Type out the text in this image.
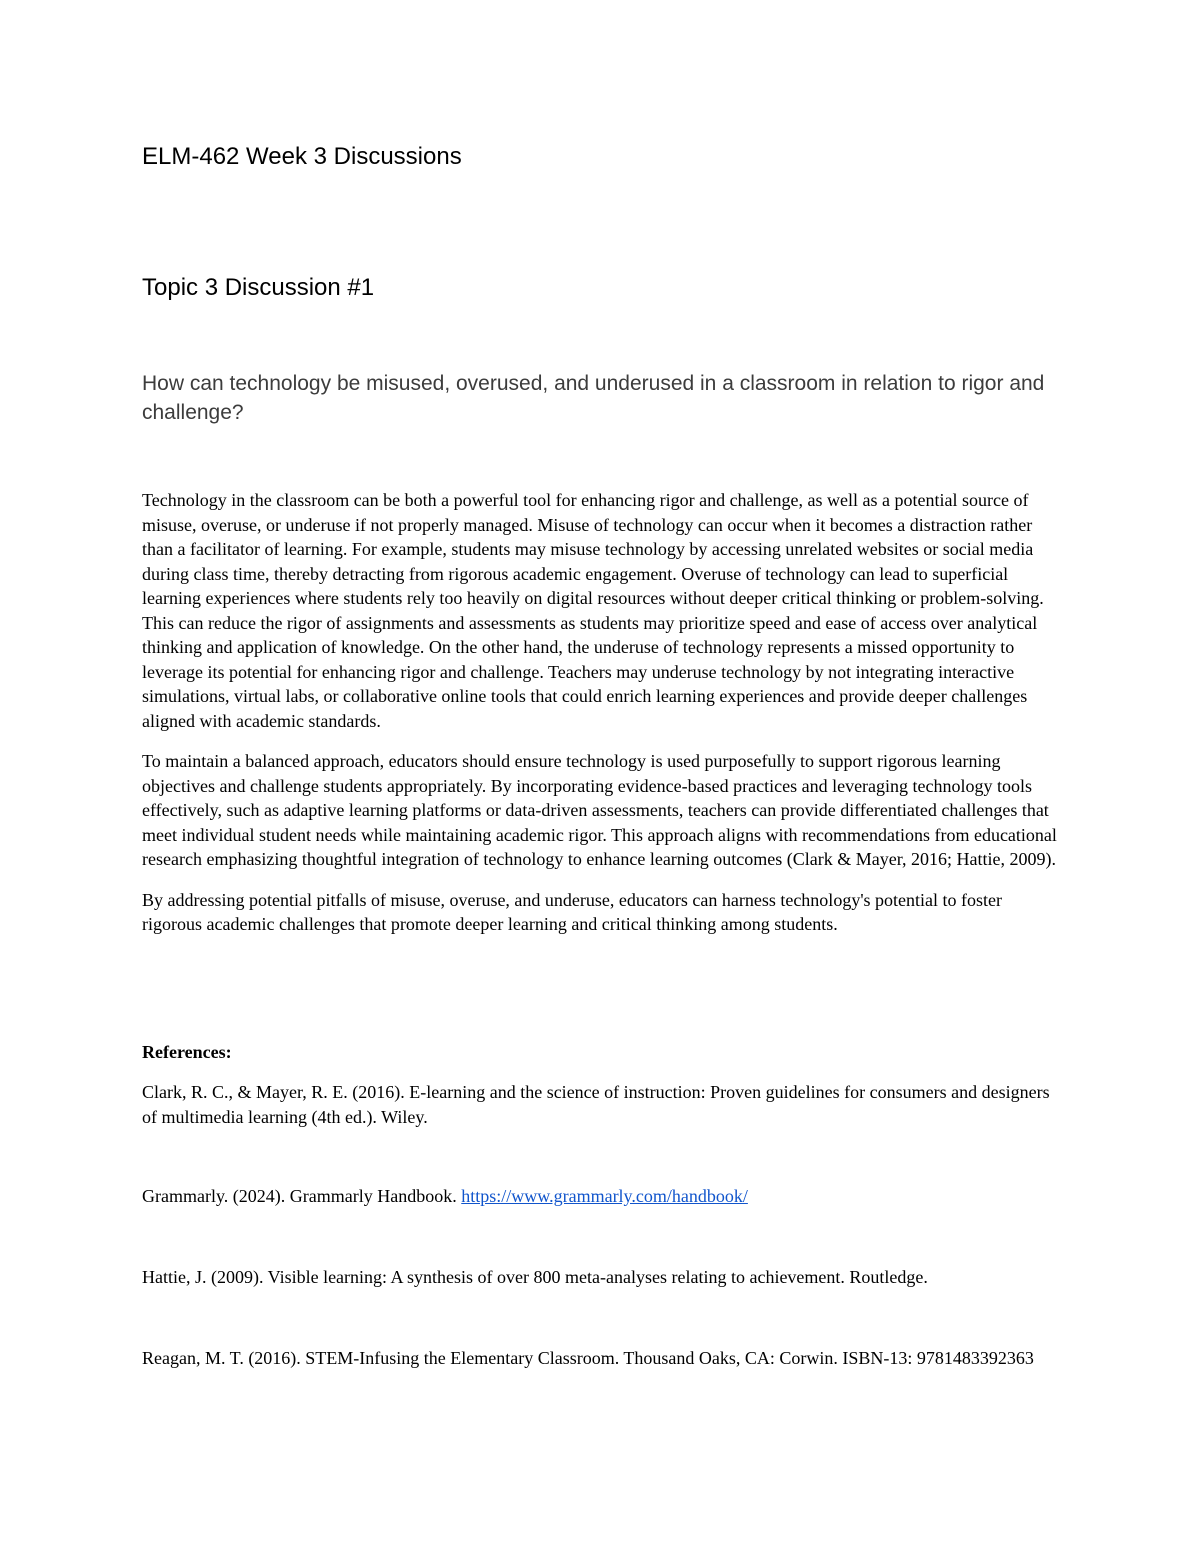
ELM-462 Week 3 Discussions
Topic 3 Discussion #1

How can technology be misused, overused, and underused in a classroom in relation to rigor and challenge?

Technology in the classroom can be both a powerful tool for enhancing rigor and challenge, as well as a potential source of misuse, overuse, or underuse if not properly managed. Misuse of technology can occur when it becomes a distraction rather than a facilitator of learning. For example, students may misuse technology by accessing unrelated websites or social media during class time, thereby detracting from rigorous academic engagement. Overuse of technology can lead to superficial learning experiences where students rely too heavily on digital resources without deeper critical thinking or problem-solving. This can reduce the rigor of assignments and assessments as students may prioritize speed and ease of access over analytical thinking and application of knowledge. On the other hand, the underuse of technology represents a missed opportunity to leverage its potential for enhancing rigor and challenge. Teachers may underuse technology by not integrating interactive simulations, virtual labs, or collaborative online tools that could enrich learning experiences and provide deeper challenges aligned with academic standards.

To maintain a balanced approach, educators should ensure technology is used purposefully to support rigorous learning objectives and challenge students appropriately. By incorporating evidence-based practices and leveraging technology tools effectively, such as adaptive learning platforms or data-driven assessments, teachers can provide differentiated challenges that meet individual student needs while maintaining academic rigor. This approach aligns with recommendations from educational research emphasizing thoughtful integration of technology to enhance learning outcomes (Clark & Mayer, 2016; Hattie, 2009).

By addressing potential pitfalls of misuse, overuse, and underuse, educators can harness technology's potential to foster rigorous academic challenges that promote deeper learning and critical thinking among students.

References:

Clark, R. C., & Mayer, R. E. (2016). E-learning and the science of instruction: Proven guidelines for consumers and designers of multimedia learning (4th ed.). Wiley.

Grammarly. (2024). Grammarly Handbook. https://www.grammarly.com/handbook/

Hattie, J. (2009). Visible learning: A synthesis of over 800 meta-analyses relating to achievement. Routledge.

Reagan, M. T. (2016). STEM-Infusing the Elementary Classroom. Thousand Oaks, CA: Corwin. ISBN-13: 9781483392363
